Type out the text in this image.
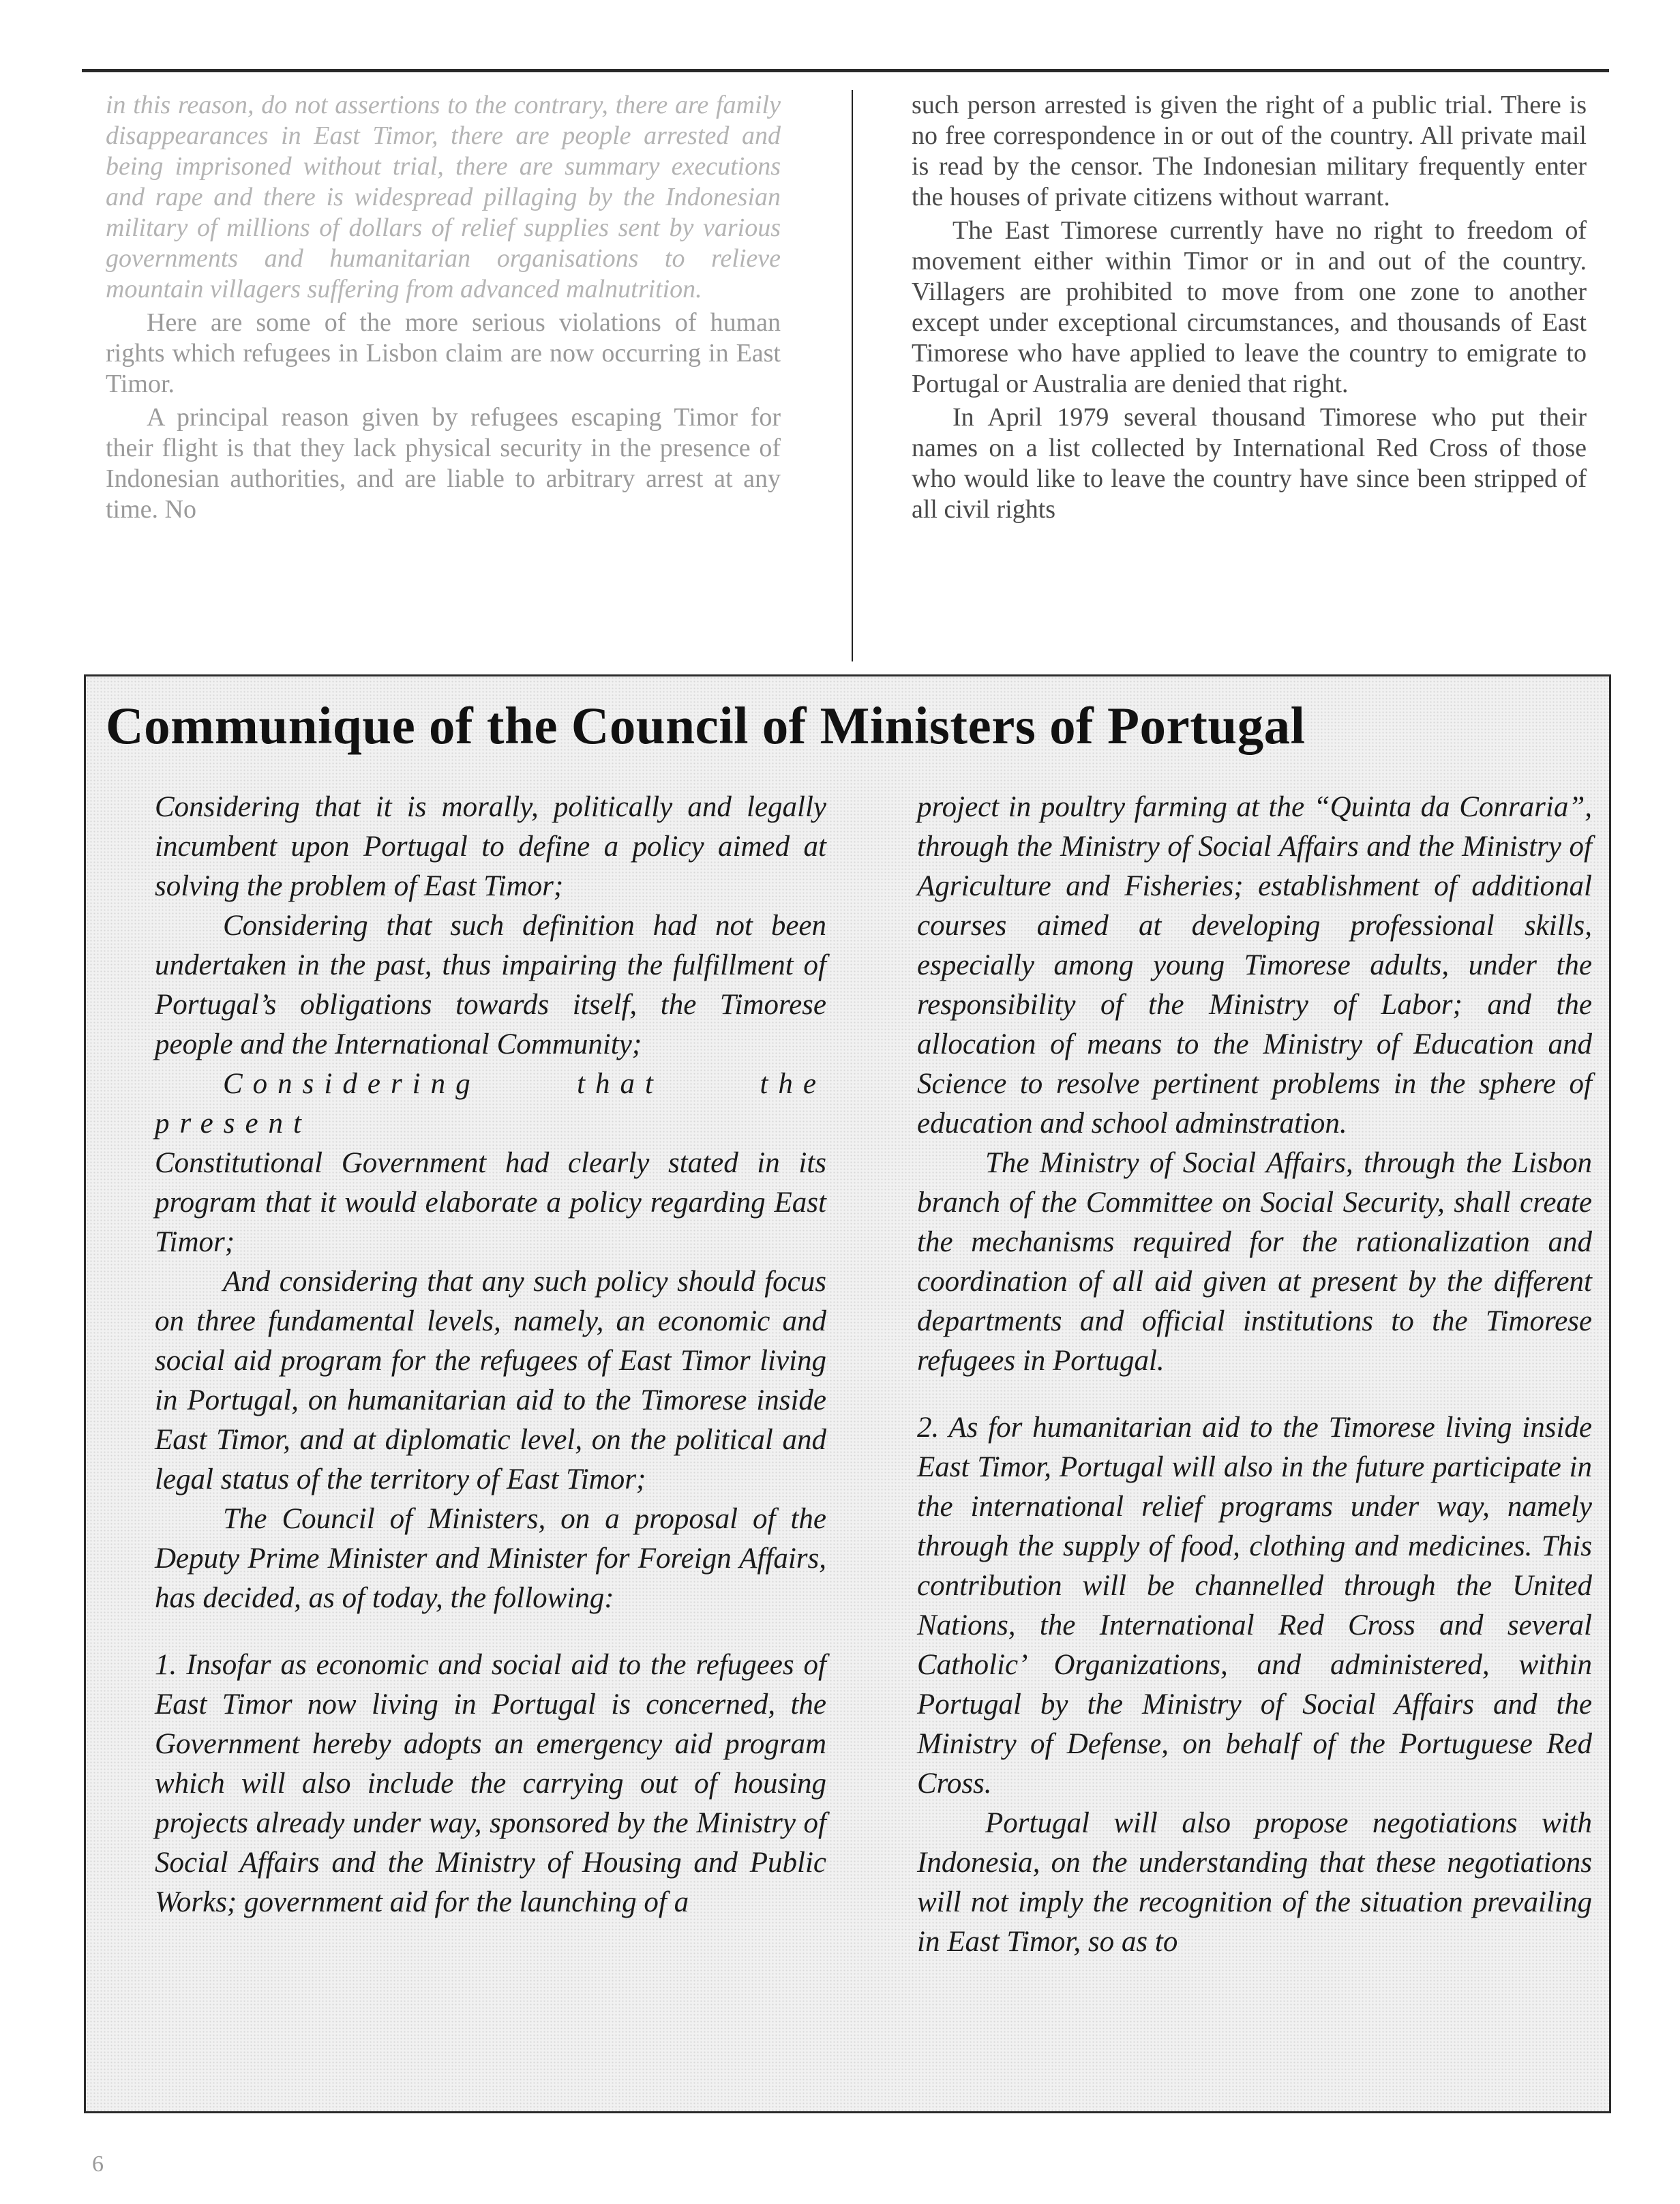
in this reason, do not assertions to the contrary, there are family disappearances in East Timor, there are people arrested and being imprisoned without trial, there are summary executions and rape and there is widespread pillaging by the Indonesian military of millions of dollars of relief supplies sent by various governments and humanitarian organisations to relieve mountain villagers suffering from advanced malnutrition.

Here are some of the more serious violations of human rights which refugees in Lisbon claim are now occurring in East Timor.

A principal reason given by refugees escaping Timor for their flight is that they lack physical security in the presence of Indonesian authorities, and are liable to arbitrary arrest at any time. No

such person arrested is given the right of a public trial. There is no free correspondence in or out of the country. All private mail is read by the censor. The Indonesian military frequently enter the houses of private citizens without warrant.

The East Timorese currently have no right to freedom of movement either within Timor or in and out of the country. Villagers are prohibited to move from one zone to another except under exceptional circumstances, and thousands of East Timorese who have applied to leave the country to emigrate to Portugal or Australia are denied that right.

In April 1979 several thousand Timorese who put their names on a list collected by International Red Cross of those who would like to leave the country have since been stripped of all civil rights

Communique of the Council of Ministers of Portugal

Considering that it is morally, politically and legally incumbent upon Portugal to define a policy aimed at solving the problem of East Timor;

Considering that such definition had not been undertaken in the past, thus impairing the fulfillment of Portugal’s obligations towards itself, the Timorese people and the International Community;

Considering that the present

Constitutional Government had clearly stated in its program that it would elaborate a policy regarding East Timor;

And considering that any such policy should focus on three fundamental levels, namely, an economic and social aid program for the refugees of East Timor living in Portugal, on humanitarian aid to the Timorese inside East Timor, and at diplomatic level, on the political and legal status of the territory of East Timor;

The Council of Ministers, on a proposal of the Deputy Prime Minister and Minister for Foreign Affairs, has decided, as of today, the following:

1. Insofar as economic and social aid to the refugees of East Timor now living in Portugal is concerned, the Government hereby adopts an emergency aid program which will also include the carrying out of housing projects already under way, sponsored by the Ministry of Social Affairs and the Ministry of Housing and Public Works; government aid for the launching of a

project in poultry farming at the “Quinta da Conraria”, through the Ministry of Social Affairs and the Ministry of Agriculture and Fisheries; establishment of additional courses aimed at developing professional skills, especially among young Timorese adults, under the responsibility of the Ministry of Labor; and the allocation of means to the Ministry of Education and Science to resolve pertinent problems in the sphere of education and school adminstration.

The Ministry of Social Affairs, through the Lisbon branch of the Committee on Social Security, shall create the mechanisms required for the rationalization and coordination of all aid given at present by the different departments and official institutions to the Timorese refugees in Portugal.

2. As for humanitarian aid to the Timorese living inside East Timor, Portugal will also in the future participate in the international relief programs under way, namely through the supply of food, clothing and medicines. This contribution will be channelled through the United Nations, the International Red Cross and several Catholic’ Organizations, and administered, within Portugal by the Ministry of Social Affairs and the Ministry of Defense, on behalf of the Portuguese Red Cross.

Portugal will also propose negotiations with Indonesia, on the understanding that these negotiations will not imply the recognition of the situation prevailing in East Timor, so as to

6
